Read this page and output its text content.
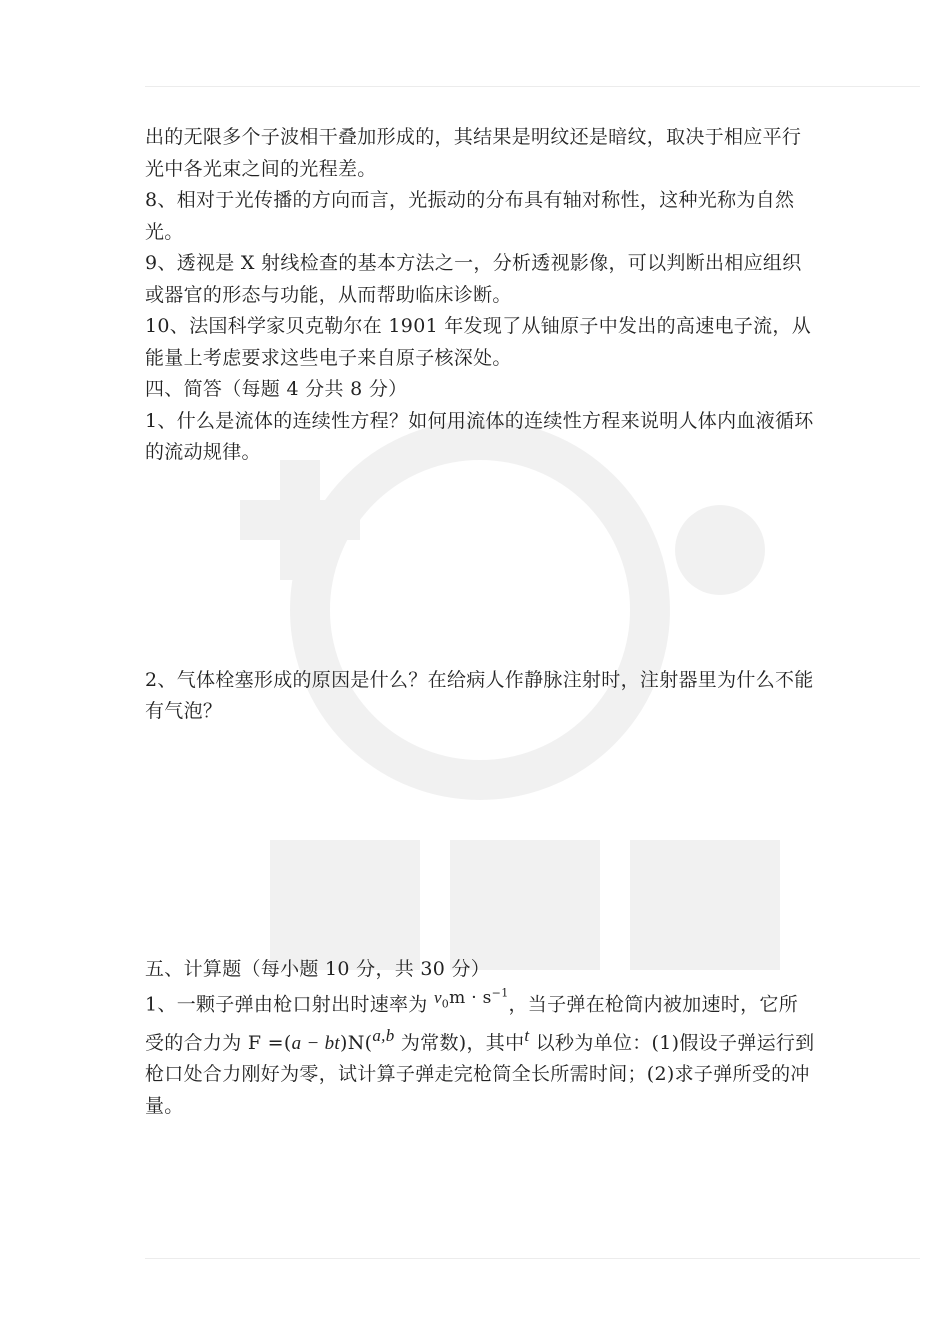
出的无限多个子波相干叠加形成的，其结果是明纹还是暗纹，取决于相应平行光中各光束之间的光程差。

8、相对于光传播的方向而言，光振动的分布具有轴对称性，这种光称为自然光。

9、透视是 X 射线检查的基本方法之一，分析透视影像，可以判断出相应组织或器官的形态与功能，从而帮助临床诊断。

10、法国科学家贝克勒尔在 1901 年发现了从铀原子中发出的高速电子流，从能量上考虑要求这些电子来自原子核深处。

四、简答（每题 4 分共 8 分）

1、什么是流体的连续性方程？如何用流体的连续性方程来说明人体内血液循环的流动规律。

2、气体栓塞形成的原因是什么？在给病人作静脉注射时，注射器里为什么不能有气泡？

五、计算题（每小题 10 分，共 30 分）

1、一颗子弹由枪口射出时速率为 $v_0m \cdot s^{-1}$，当子弹在枪筒内被加速时，它所受的合力为 F =(a − bt)N(a,b 为常数)，其中t 以秒为单位：(1)假设子弹运行到枪口处合力刚好为零，试计算子弹走完枪筒全长所需时间；(2)求子弹所受的冲量。
